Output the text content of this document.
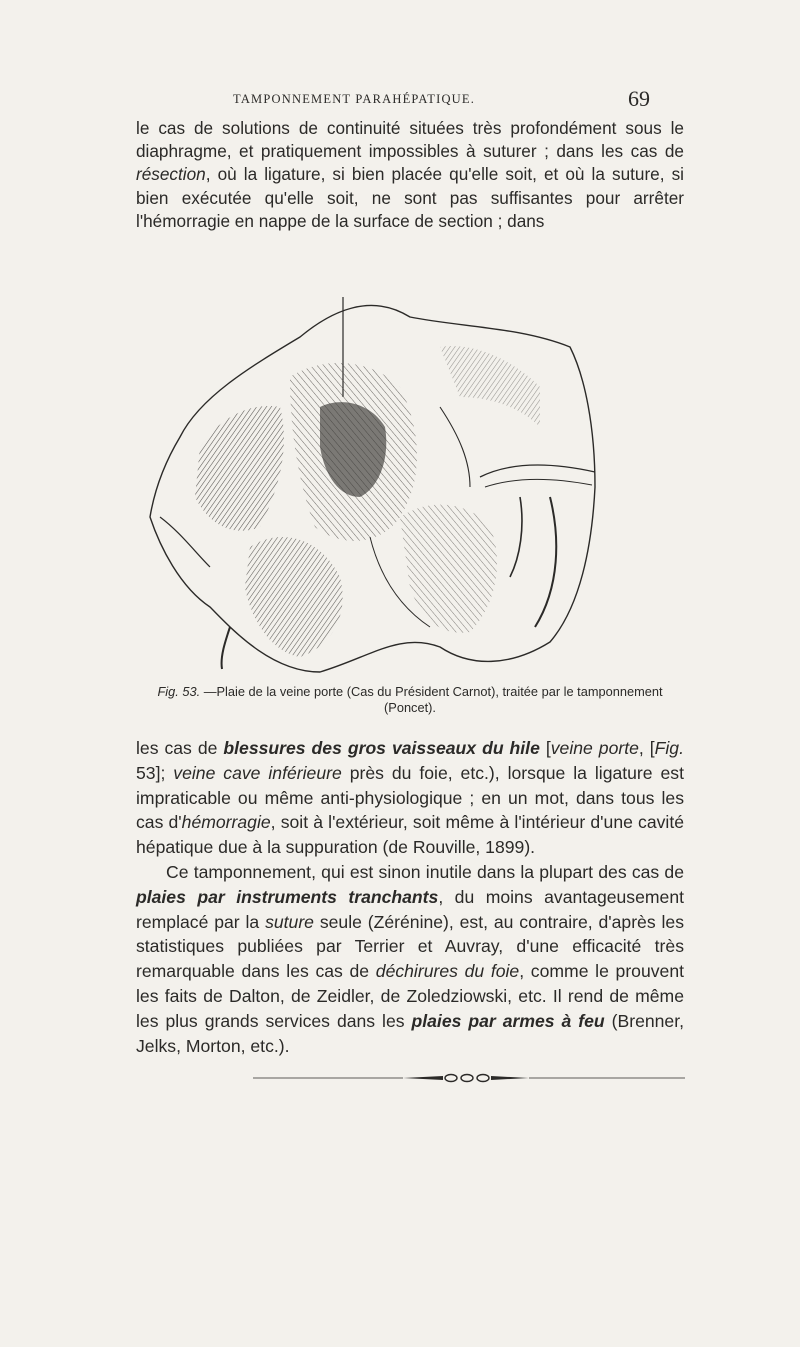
TAMPONNEMENT PARAHÉPATIQUE.	69

le cas de solutions de continuité situées très profondément sous le diaphragme, et pratiquement impossibles à suturer ; dans les cas de résection, où la ligature, si bien placée qu'elle soit, et où la suture, si bien exécutée qu'elle soit, ne sont pas suffisantes pour arrêter l'hémorragie en nappe de la surface de section ; dans

Fig. 53. —Plaie de la veine porte (Cas du Président Carnot), traitée par le tamponnement (Poncet).

les cas de blessures des gros vaisseaux du hile [veine porte, [Fig. 53]; veine cave inférieure près du foie, etc.), lorsque la ligature est impraticable ou même anti-physiologique ; en un mot, dans tous les cas d'hémorragie, soit à l'extérieur, soit même à l'intérieur d'une cavité hépatique due à la suppuration (de Rouville, 1899).

Ce tamponnement, qui est sinon inutile dans la plupart des cas de plaies par instruments tranchants, du moins avantageusement remplacé par la suture seule (Zérénine), est, au contraire, d'après les statistiques publiées par Terrier et Auvray, d'une efficacité très remarquable dans les cas de déchirures du foie, comme le prouvent les faits de Dalton, de Zeidler, de Zoledziowski, etc. Il rend de même les plus grands services dans les plaies par armes à feu (Brenner, Jelks, Morton, etc.).
